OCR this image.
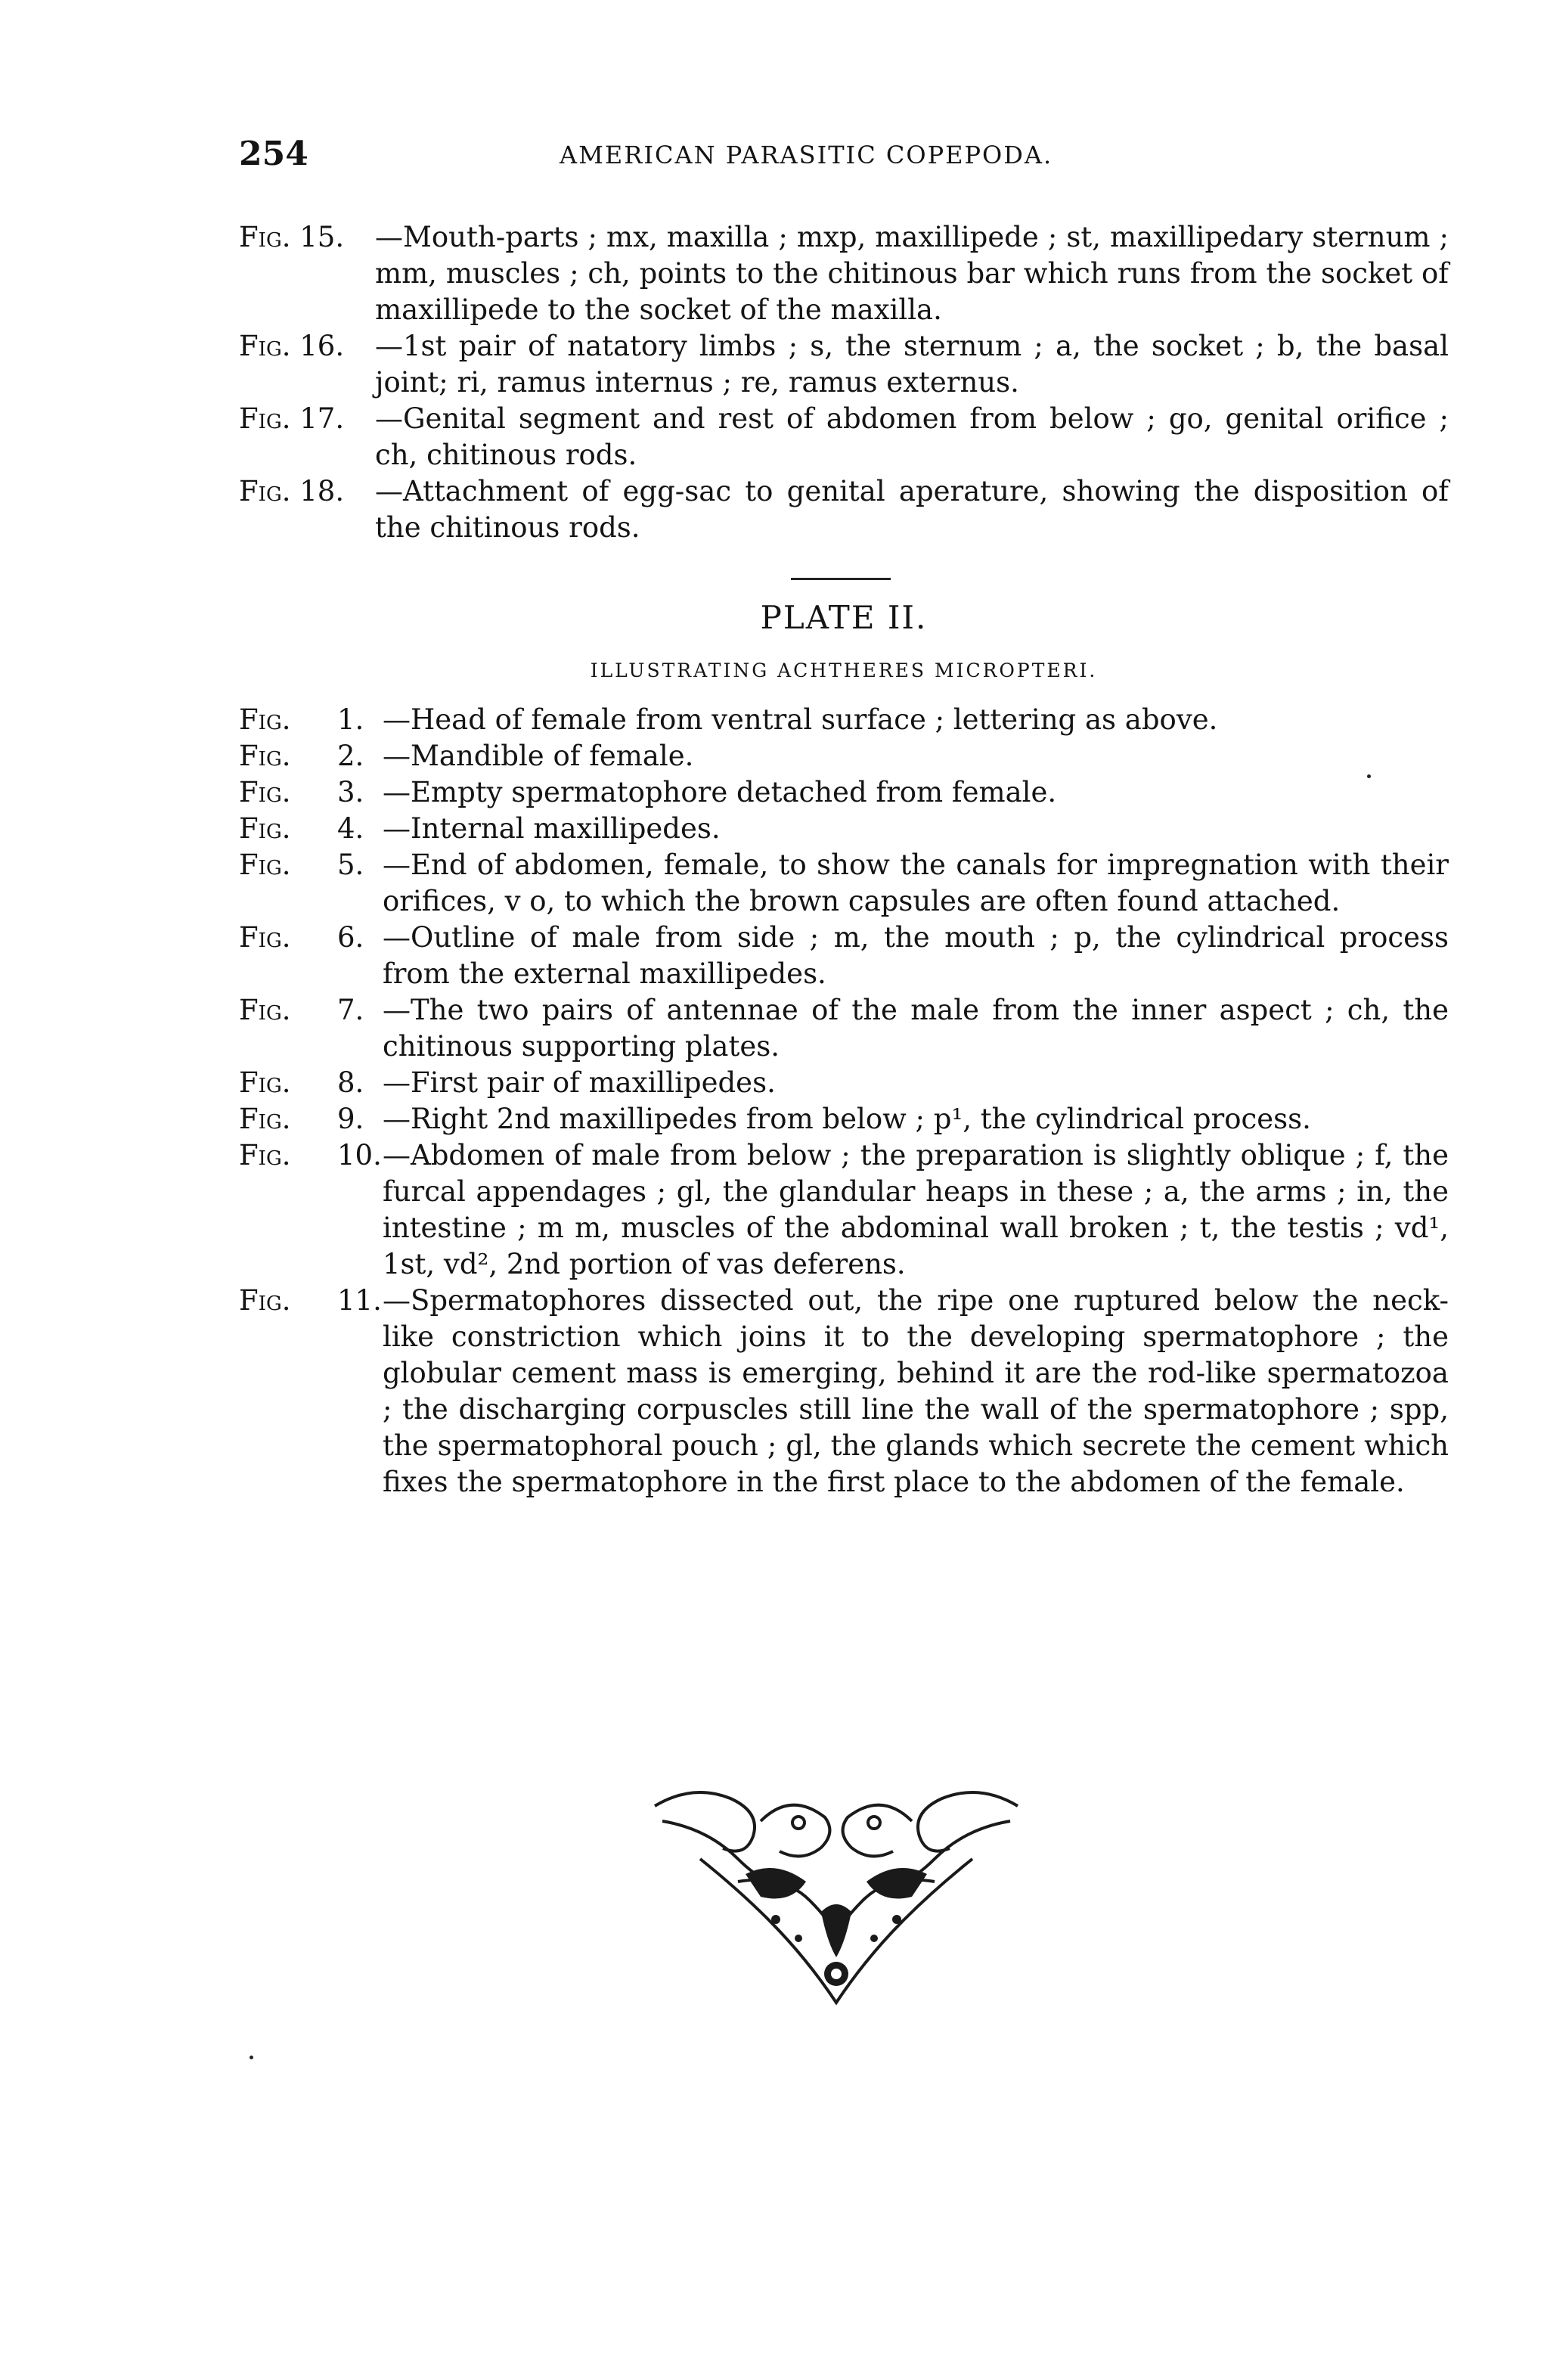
254	AMERICAN PARASITIC COPEPODA.

Fig. 15.	—Mouth-parts ; mx, maxilla ; mxp, maxillipede ; st, maxillipedary sternum ; mm, muscles ; ch, points to the chitinous bar which runs from the socket of maxillipede to the socket of the maxilla.

Fig. 16.	—1st pair of natatory limbs ; s, the sternum ; a, the socket ; b, the basal joint; ri, ramus internus ; re, ramus externus.

Fig. 17.	—Genital segment and rest of abdomen from below ; go, genital orifice ; ch, chitinous rods.

Fig. 18.	—Attachment of egg-sac to genital aperature, showing the disposition of the chitinous rods.

PLATE II.
ILLUSTRATING ACHTHERES MICROPTERI.

Fig.	1. —Head of female from ventral surface ; lettering as above.

Fig.	2. —Mandible of female.

Fig.	3. —Empty spermatophore detached from female.

Fig.	4. —Internal maxillipedes.

Fig.	5. —End of abdomen, female, to show the canals for impregnation with their orifices, v o, to which the brown capsules are often found attached.

Fig.	6. —Outline of male from side ; m, the mouth ; p, the cylindrical process from the external maxillipedes.

Fig.	7. —The two pairs of antennae of the male from the inner aspect ; ch, the chitinous supporting plates.

Fig.	8. —First pair of maxillipedes.

Fig.	9. —Right 2nd maxillipedes from below ; p¹, the cylindrical process.

Fig.	10. —Abdomen of male from below ; the preparation is slightly oblique ; f, the furcal appendages ; gl, the glandular heaps in these ; a, the arms ; in, the intestine ; m m, muscles of the abdominal wall broken ; t, the testis ; vd¹, 1st, vd², 2nd portion of vas deferens.

Fig.	11. —Spermatophores dissected out, the ripe one ruptured below the neck-like constriction which joins it to the developing spermatophore ; the globular cement mass is emerging, behind it are the rod-like spermatozoa ; the discharging corpuscles still line the wall of the spermatophore ; spp, the spermatophoral pouch ; gl, the glands which secrete the cement which fixes the spermatophore in the first place to the abdomen of the female.
